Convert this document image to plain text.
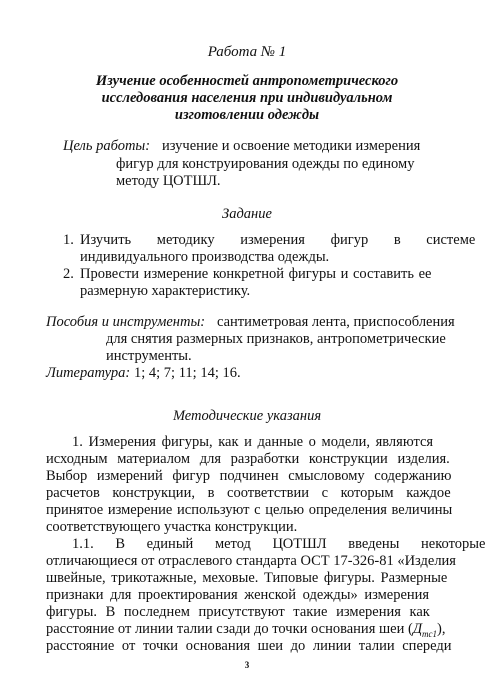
Работа № 1
Изучение особенностей антропометрического
исследования населения при индивидуальном
изготовлении одежды
Цель работы: изучение и освоение методики измерения
фигур для конструирования одежды по единому
методу ЦОТШЛ.
Задание
1. Изучить методику измерения фигур в системе
индивидуального производства одежды.
2. Провести измерение конкретной фигуры и составить ее
размерную характеристику.
Пособия и инструменты: сантиметровая лента, приспособления
для снятия размерных признаков, антропометрические
инструменты.
Литература: 1; 4; 7; 11; 14; 16.
Методические указания
1. Измерения фигуры, как и данные о модели, являются
исходным материалом для разработки конструкции изделия.
Выбор измерений фигур подчинен смысловому содержанию
расчетов конструкции, в соответствии с которым каждое
принятое измерение используют с целью определения величины
соответствующего участка конструкции.
1.1. В единый метод ЦОТШЛ введены некоторые
отличающиеся от отраслевого стандарта ОСТ 17-326-81 «Изделия
швейные, трикотажные, меховые. Типовые фигуры. Размерные
признаки для проектирования женской одежды» измерения
фигуры. В последнем присутствуют такие измерения как
расстояние от линии талии сзади до точки основания шеи $(Д_{тс1})$,
расстояние от точки основания шеи до линии талии спереди
3
